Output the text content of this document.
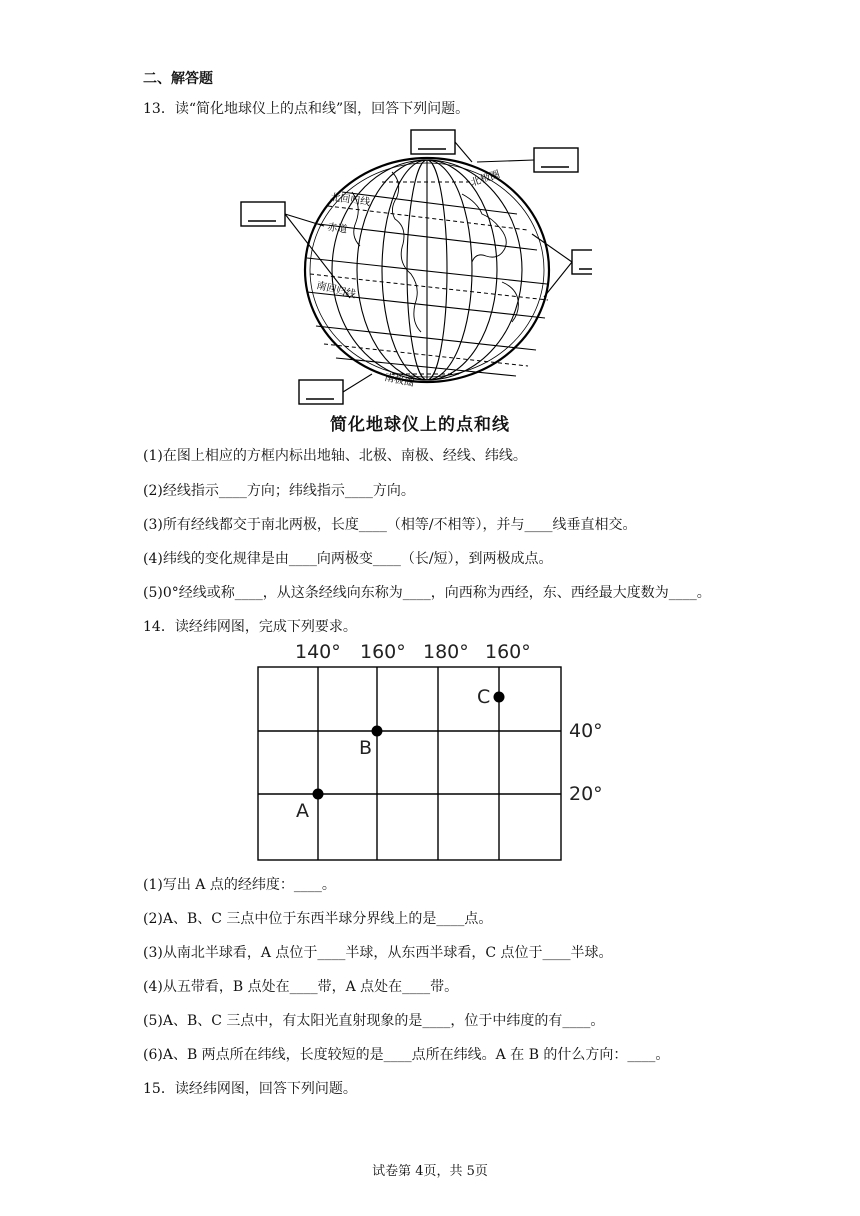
二、解答题
13．读“简化地球仪上的点和线”图，回答下列问题。
北回归线
赤道
南回归线
北极圈
南极圈
简化地球仪上的点和线
(1)在图上相应的方框内标出地轴、北极、南极、经线、纬线。
(2)经线指示____方向；纬线指示____方向。
(3)所有经线都交于南北两极，长度____（相等/不相等），并与____线垂直相交。
(4)纬线的变化规律是由____向两极变____（长/短），到两极成点。
(5)0°经线或称____，从这条经线向东称为____，向西称为西经，东、西经最大度数为____。
14．读经纬网图，完成下列要求。
140° 160° 180° 160°
40°
20°
A
B
C
(1)写出 A 点的经纬度：____。
(2)A、B、C 三点中位于东西半球分界线上的是____点。
(3)从南北半球看，A 点位于____半球，从东西半球看，C 点位于____半球。
(4)从五带看，B 点处在____带，A 点处在____带。
(5)A、B、C 三点中，有太阳光直射现象的是____，位于中纬度的有____。
(6)A、B 两点所在纬线，长度较短的是____点所在纬线。A 在 B 的什么方向：____。
15．读经纬网图，回答下列问题。
试卷第 4页，共 5页
